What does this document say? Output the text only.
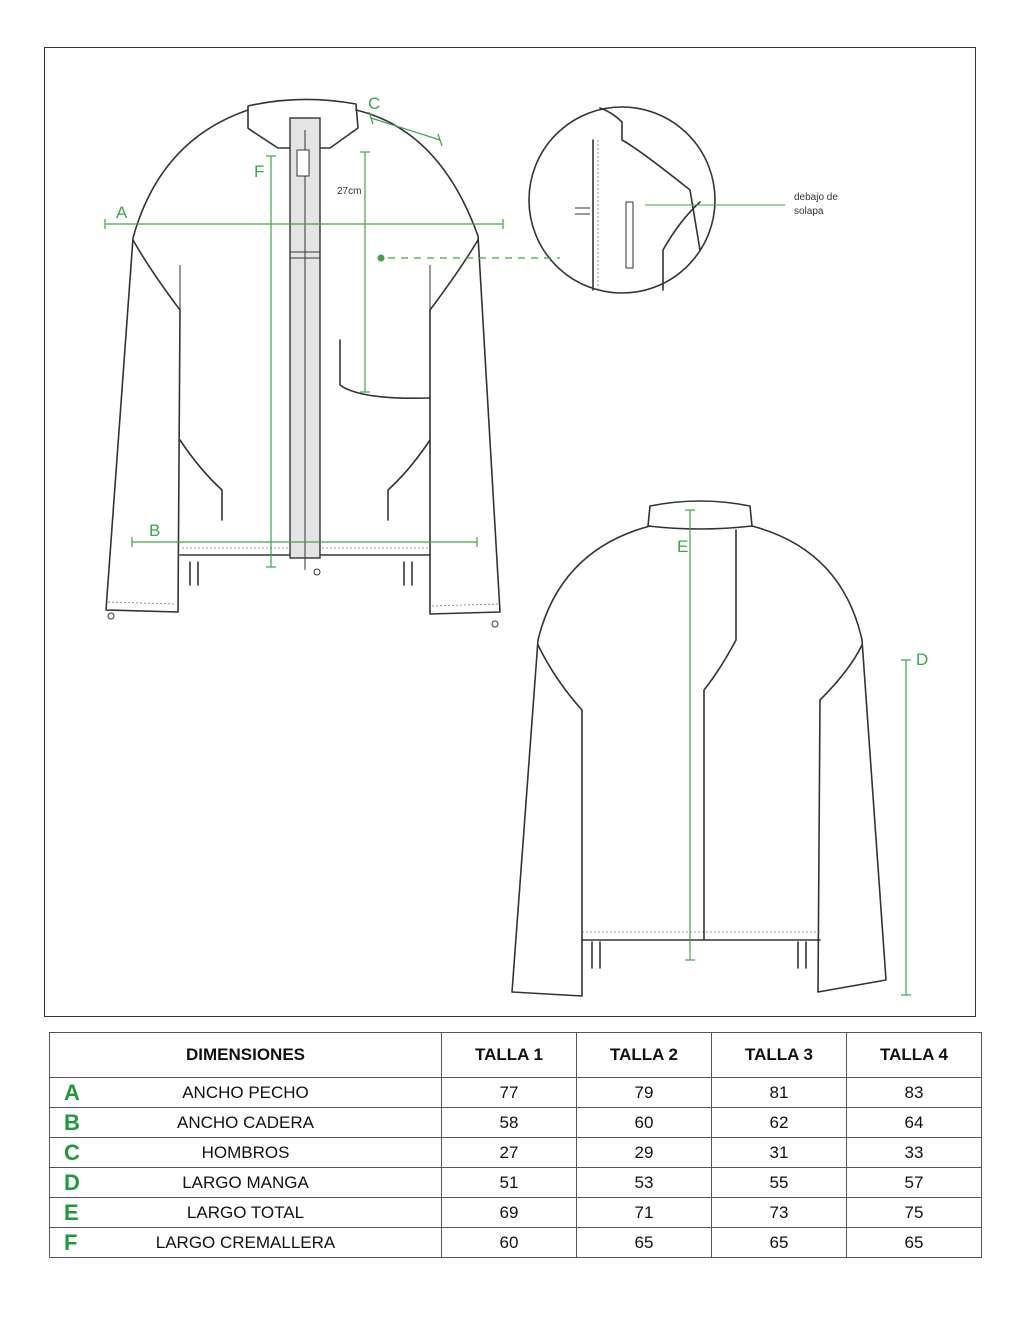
A
B
C
D
E
F
27cm
debajo de
solapa
DIMENSIONES	TALLA 1	TALLA 2	TALLA 3	TALLA 4

A ANCHO PECHO	77	79	81	83

B ANCHO CADERA	58	60	62	64

C HOMBROS	27	29	31	33

D LARGO MANGA	51	53	55	57

E LARGO TOTAL	69	71	73	75

F LARGO CREMALLERA	60	65	65	65
